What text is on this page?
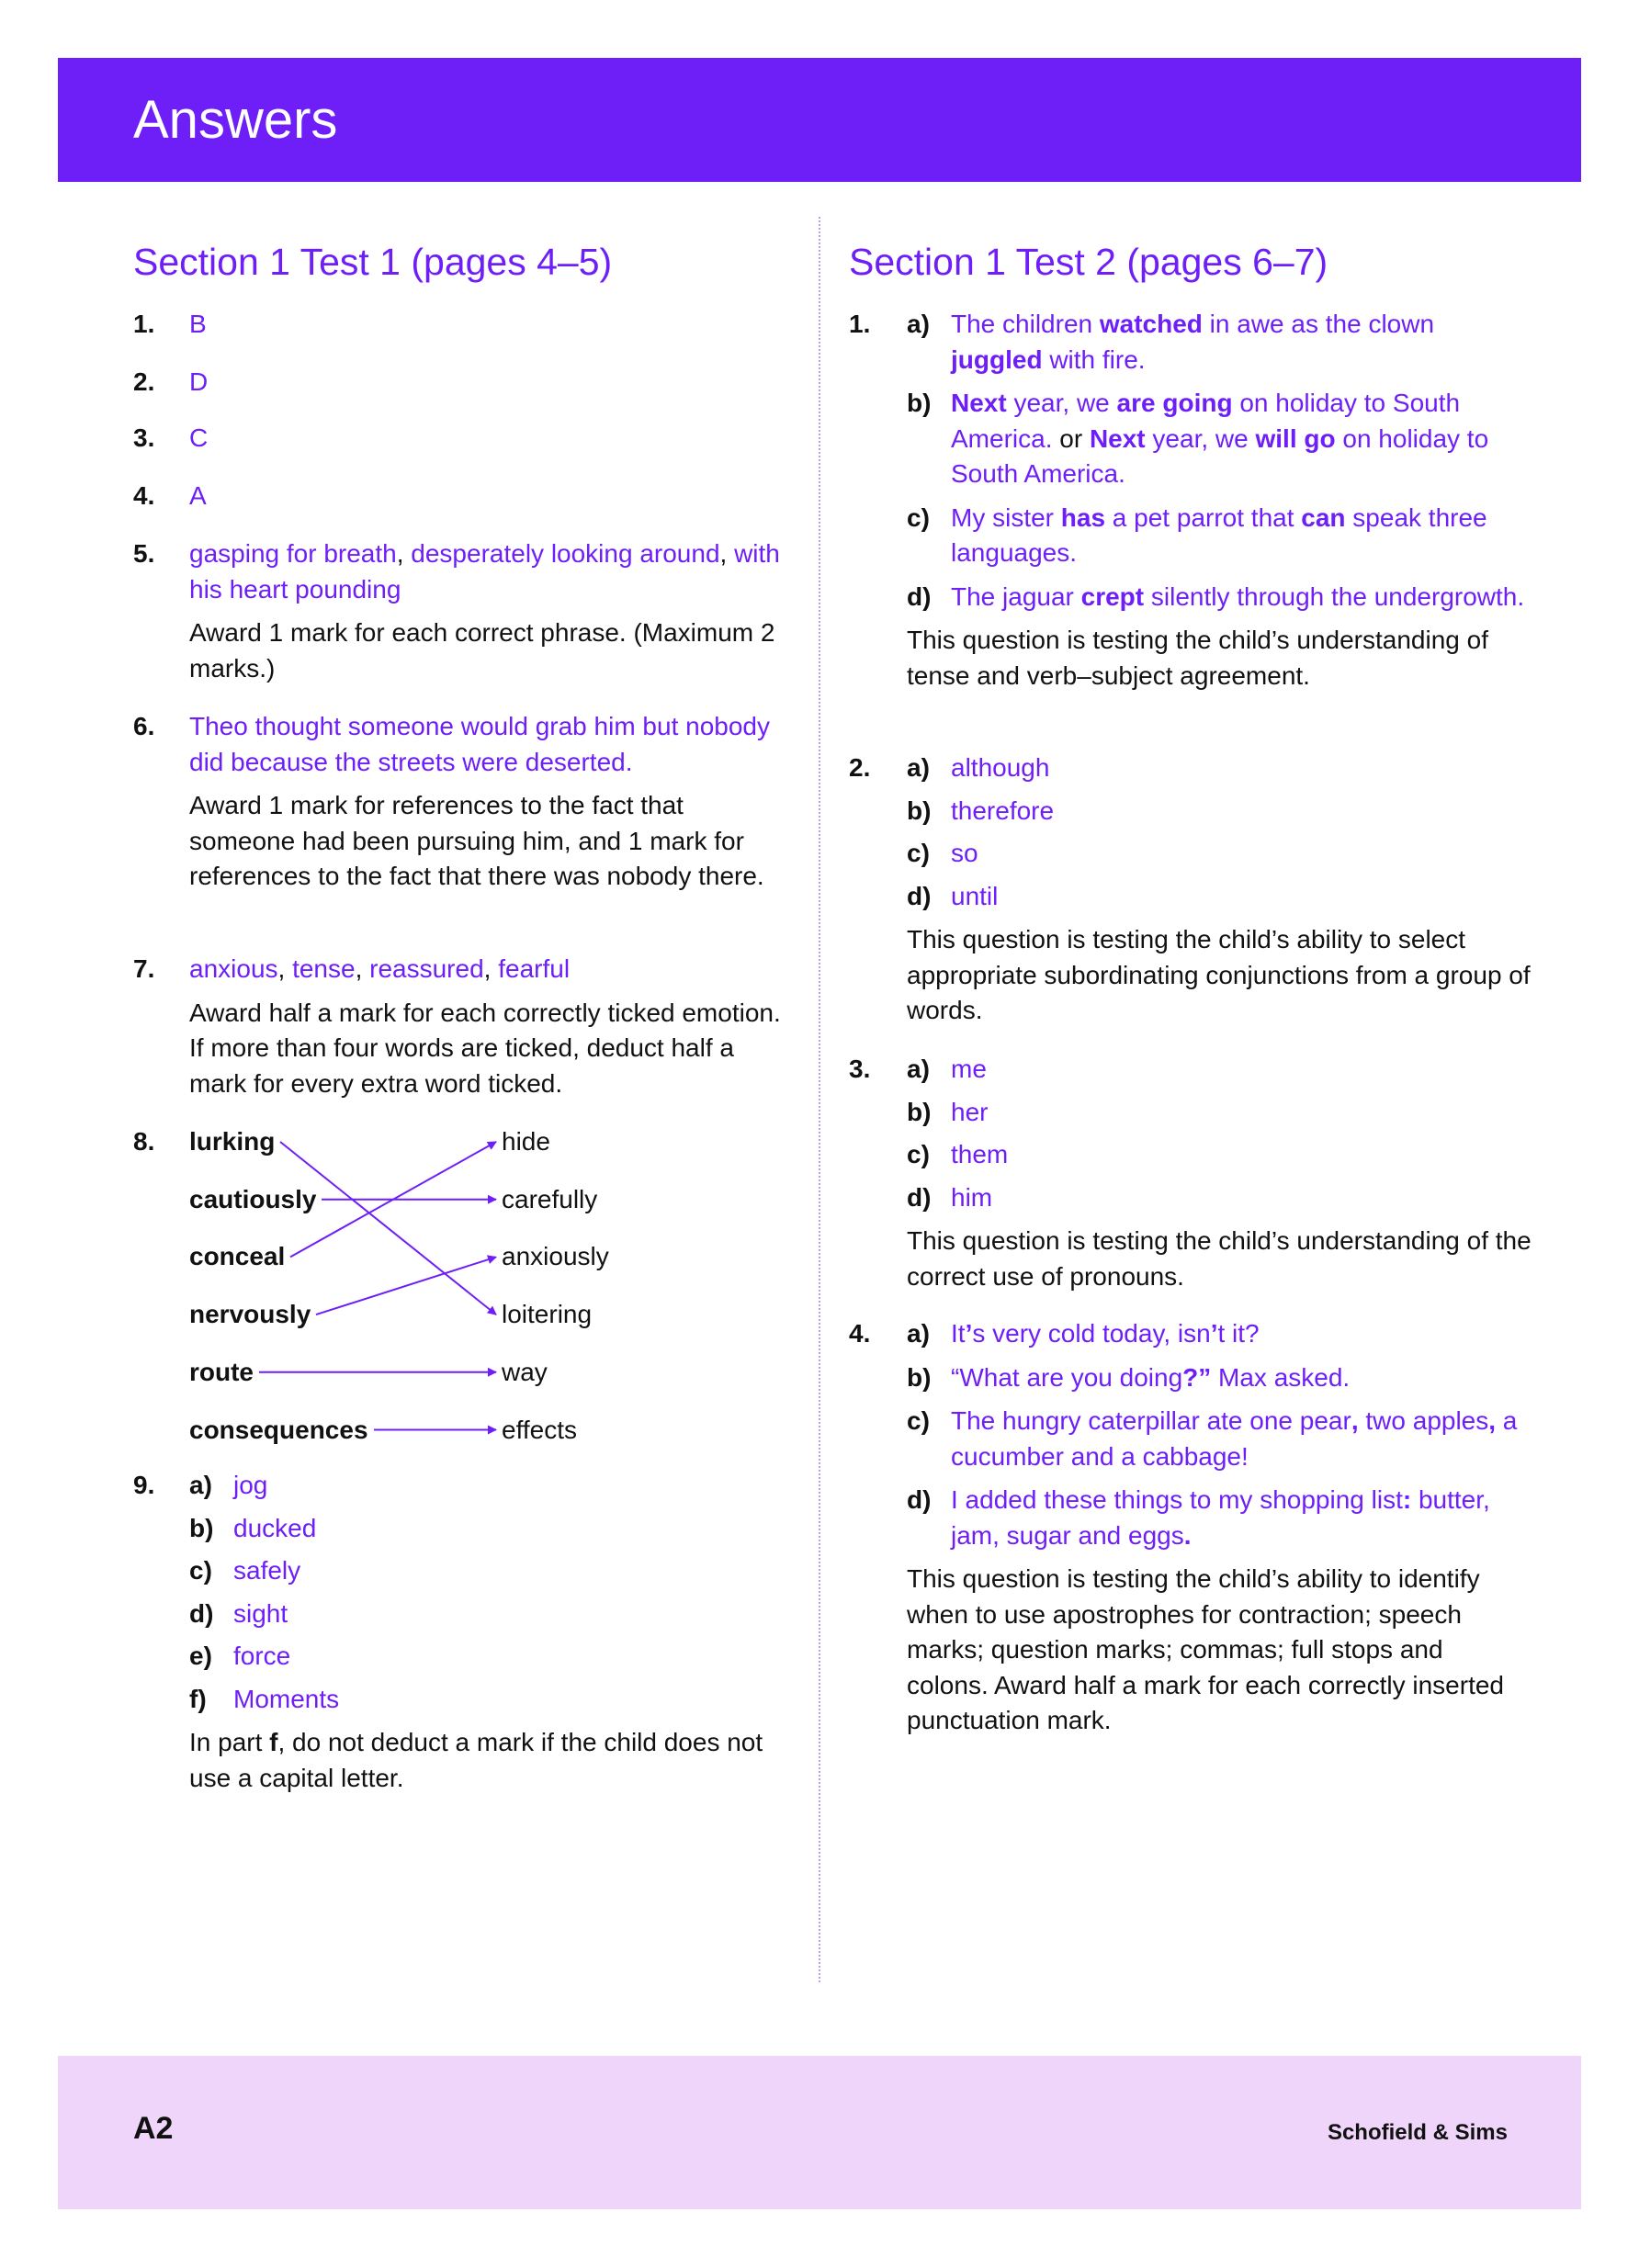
Answers
Section 1 Test 1 (pages 4–5)
1.	B
2.	D
3.	C
4.	A
5.	gasping for breath, desperately looking around, with his heart pounding
Award 1 mark for each correct phrase. (Maximum 2 marks.)
6.	Theo thought someone would grab him but nobody did because the streets were deserted.
Award 1 mark for references to the fact that someone had been pursuing him, and 1 mark for references to the fact that there was nobody there.
7.	anxious, tense, reassured, fearful
Award half a mark for each correctly ticked emotion. If more than four words are ticked, deduct half a mark for every extra word ticked.
8.	lurking
cautiously
conceal
nervously
route
consequences
hide
carefully
anxiously
loitering
way
effects
9.	a) jog
b) ducked
c) safely
d) sight
e) force
f)	Moments
In part f, do not deduct a mark if the child does not use a capital letter.
Section 1 Test 2 (pages 6–7)
1.	a) The children watched in awe as the clown juggled with fire.
b) Next year, we are going on holiday to South America. or Next year, we will go on holiday to South America.
c) My sister has a pet parrot that can speak three languages.
d) The jaguar crept silently through the undergrowth.
This question is testing the child’s understanding of tense and verb–subject agreement.
2.	a) although
b) therefore
c) so
d) until
This question is testing the child’s ability to select appropriate subordinating conjunctions from a group of words.
3.	a) me
b) her
c) them
d) him
This question is testing the child’s understanding of the correct use of pronouns.
4.	a) It’s very cold today, isn’t it?
b) “What are you doing?” Max asked.
c) The hungry caterpillar ate one pear, two apples, a cucumber and a cabbage!
d) I added these things to my shopping list: butter, jam, sugar and eggs.
This question is testing the child’s ability to identify when to use apostrophes for contraction; speech marks; question marks; commas; full stops and colons. Award half a mark for each correctly inserted punctuation mark.
A2	Schofield & Sims
